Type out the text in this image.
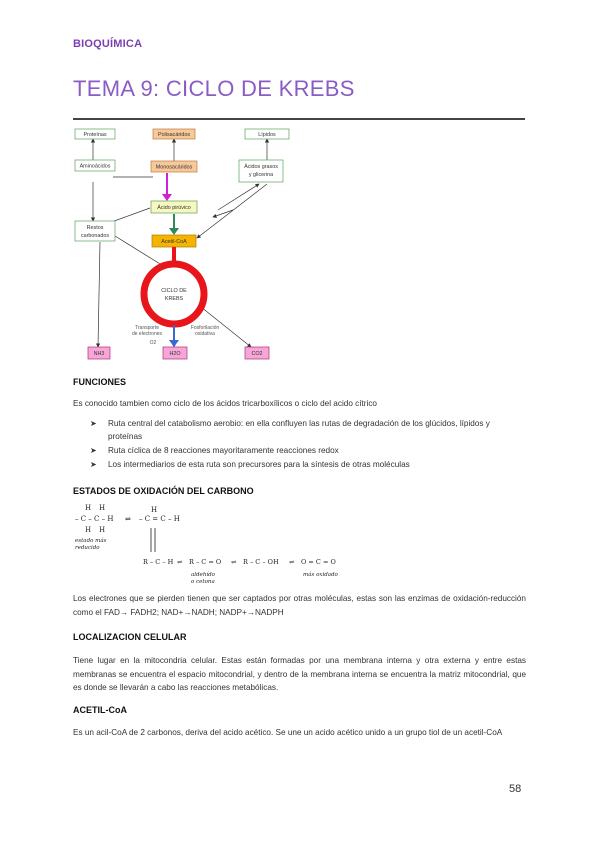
BIOQUÍMICA
TEMA 9: CICLO DE KREBS
Proteínas	Polisacáridos	Lípidos
Aminoácidos	Monosacáridos	Ácidos grasos
y glicerina
Ácido pirúvico
Restos
carbonados
Acetil-CoA
NH3	H2O	CO2
CICLO DE
KREBS
Transporte
de electrones
Fosforilación
oxidativa
O2
FUNCIONES
Es conocido tambien como ciclo de los ácidos tricarboxílicos o ciclo del acido cítrico
➤ Ruta central del catabolismo aerobio: en ella confluyen las rutas de degradación de los glúcidos, lípidos y proteínas
➤ Ruta cíclica de 8 reacciones mayoritaramente reacciones redox
➤ Los intermediarios de esta ruta son precursores para la síntesis de otras moléculas
ESTADOS DE OXIDACIÓN DEL CARBONO
H H	H
– C – C – H ⇌ – C = C – H
H H
estado más
reducido
R – C – H ⇌ R – C = O ⇌ R – C – OH ⇌ O = C = O
aldehído
o cetona
más oxidado
Los electrones que se pierden tienen que ser captados por otras moléculas, estas son las enzimas de oxidación-reducción como el FAD→ FADH2; NAD+→NADH; NADP+→NADPH
LOCALIZACION CELULAR
Tiene lugar en la mitocondria celular. Estas están formadas por una membrana interna y otra externa y entre estas membranas se encuentra el espacio mitocondrial, y dentro de la membrana interna se encuentra la matriz mitocondrial, que es donde se llevarán a cabo las reacciones metabólicas.
ACETIL-CoA
Es un acil-CoA de 2 carbonos, deriva del acido acético. Se une un acido acético unido a un grupo tiol de un acetil-CoA
58
